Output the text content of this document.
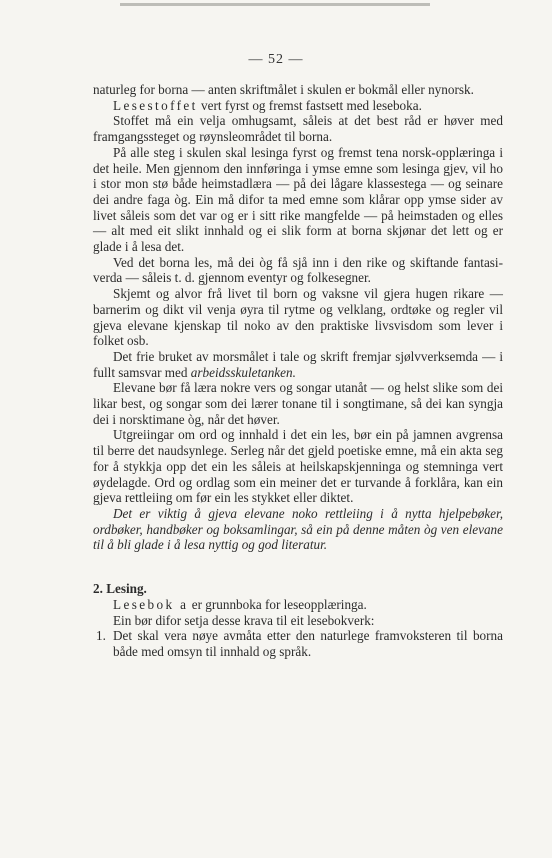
— 52 —

naturleg for borna — anten skriftmålet i skulen er bokmål eller nynorsk.

Lesestoffet vert fyrst og fremst fastsett med leseboka.

Stoffet må ein velja omhugsamt, såleis at det best råd er høver med framgangssteget og røynsleområdet til borna.

På alle steg i skulen skal lesinga fyrst og fremst tena norsk-opplæringa i det heile. Men gjennom den innføringa i ymse emne som lesinga gjev, vil ho i stor mon stø både heimstadlæra — på dei lågare klassestega — og seinare dei andre faga òg. Ein må difor ta med emne som klårar opp ymse sider av livet såleis som det var og er i sitt rike mangfelde — på heimstaden og elles — alt med eit slikt innhald og ei slik form at borna skjønar det lett og er glade i å lesa det.

Ved det borna les, må dei òg få sjå inn i den rike og skiftande fantasi-verda — såleis t. d. gjennom eventyr og folkesegner.

Skjemt og alvor frå livet til born og vaksne vil gjera hugen rikare — barnerim og dikt vil venja øyra til rytme og velklang, ordtøke og regler vil gjeva elevane kjenskap til noko av den praktiske livsvisdom som lever i folket osb.

Det frie bruket av morsmålet i tale og skrift fremjar sjølvverksemda — i fullt samsvar med arbeidsskuletanken.

Elevane bør få læra nokre vers og songar utanåt — og helst slike som dei likar best, og songar som dei lærer tonane til i songtimane, så dei kan syngja dei i norsktimane òg, når det høver.

Utgreiingar om ord og innhald i det ein les, bør ein på jamnen avgrensa til berre det naudsynlege. Serleg når det gjeld poetiske emne, må ein akta seg for å stykkja opp det ein les såleis at heilskapskjenninga og stemninga vert øydelagde. Ord og ordlag som ein meiner det er turvande å forklåra, kan ein gjeva rettleiing om før ein les stykket eller diktet.

Det er viktig å gjeva elevane noko rettleiing i å nytta hjelpebøker, ordbøker, handbøker og boksamlingar, så ein på denne måten òg ven elevane til å bli glade i å lesa nyttig og god literatur.

2. Lesing.

Lesebok a er grunnboka for leseopplæringa.

Ein bør difor setja desse krava til eit lesebokverk:

1. Det skal vera nøye avmåta etter den naturlege framvoksteren til borna både med omsyn til innhald og språk.
